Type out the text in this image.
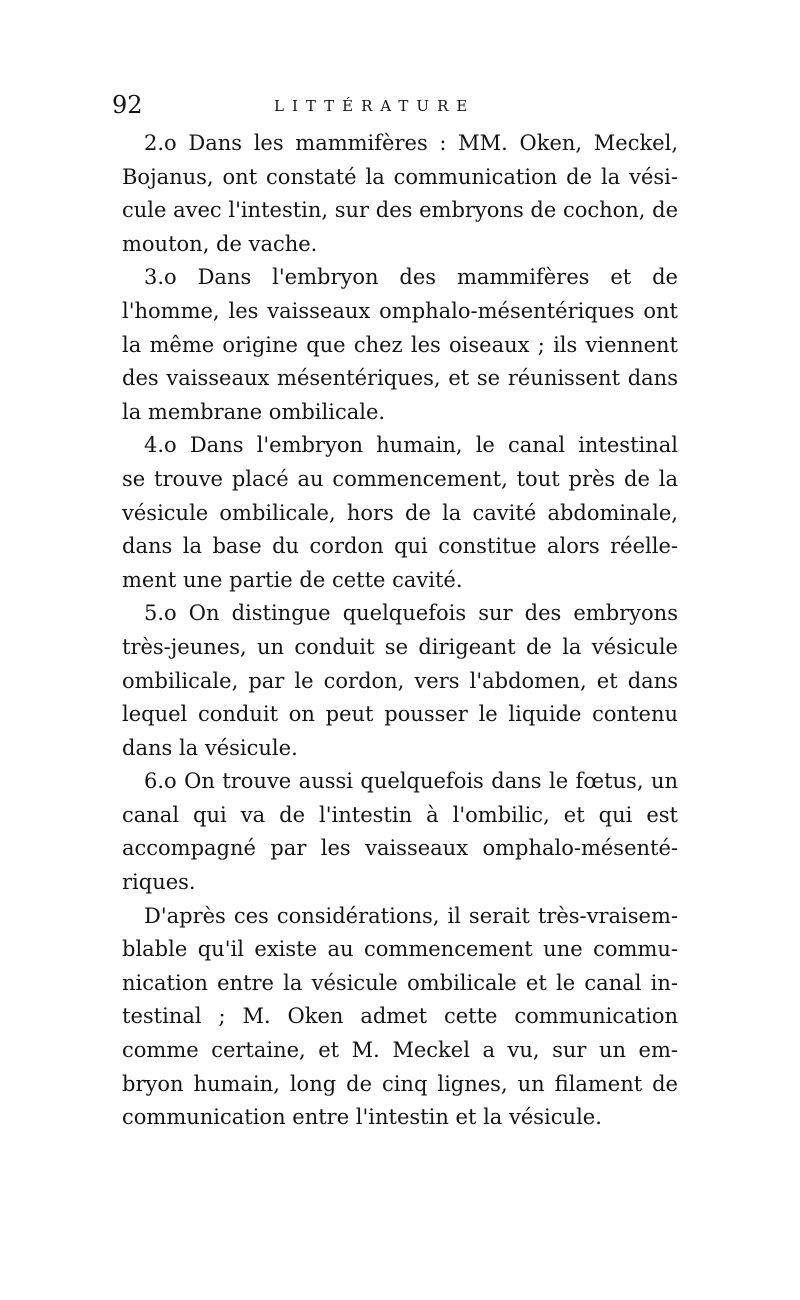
92	LITTÉRATURE
2.o Dans les mammifères : MM. Oken, Meckel,
Bojanus, ont constaté la communication de la vési-
cule avec l'intestin, sur des embryons de cochon, de
mouton, de vache.
3.o Dans l'embryon des mammifères et de
l'homme, les vaisseaux omphalo-mésentériques ont
la même origine que chez les oiseaux ; ils viennent
des vaisseaux mésentériques, et se réunissent dans
la membrane ombilicale.
4.o Dans l'embryon humain, le canal intestinal
se trouve placé au commencement, tout près de la
vésicule ombilicale, hors de la cavité abdominale,
dans la base du cordon qui constitue alors réelle-
ment une partie de cette cavité.
5.o On distingue quelquefois sur des embryons
très-jeunes, un conduit se dirigeant de la vésicule
ombilicale, par le cordon, vers l'abdomen, et dans
lequel conduit on peut pousser le liquide contenu
dans la vésicule.
6.o On trouve aussi quelquefois dans le fœtus, un
canal qui va de l'intestin à l'ombilic, et qui est
accompagné par les vaisseaux omphalo-mésenté-
riques.
D'après ces considérations, il serait très-vraisem-
blable qu'il existe au commencement une commu-
nication entre la vésicule ombilicale et le canal in-
testinal ; M. Oken admet cette communication
comme certaine, et M. Meckel a vu, sur un em-
bryon humain, long de cinq lignes, un filament de
communication entre l'intestin et la vésicule.
